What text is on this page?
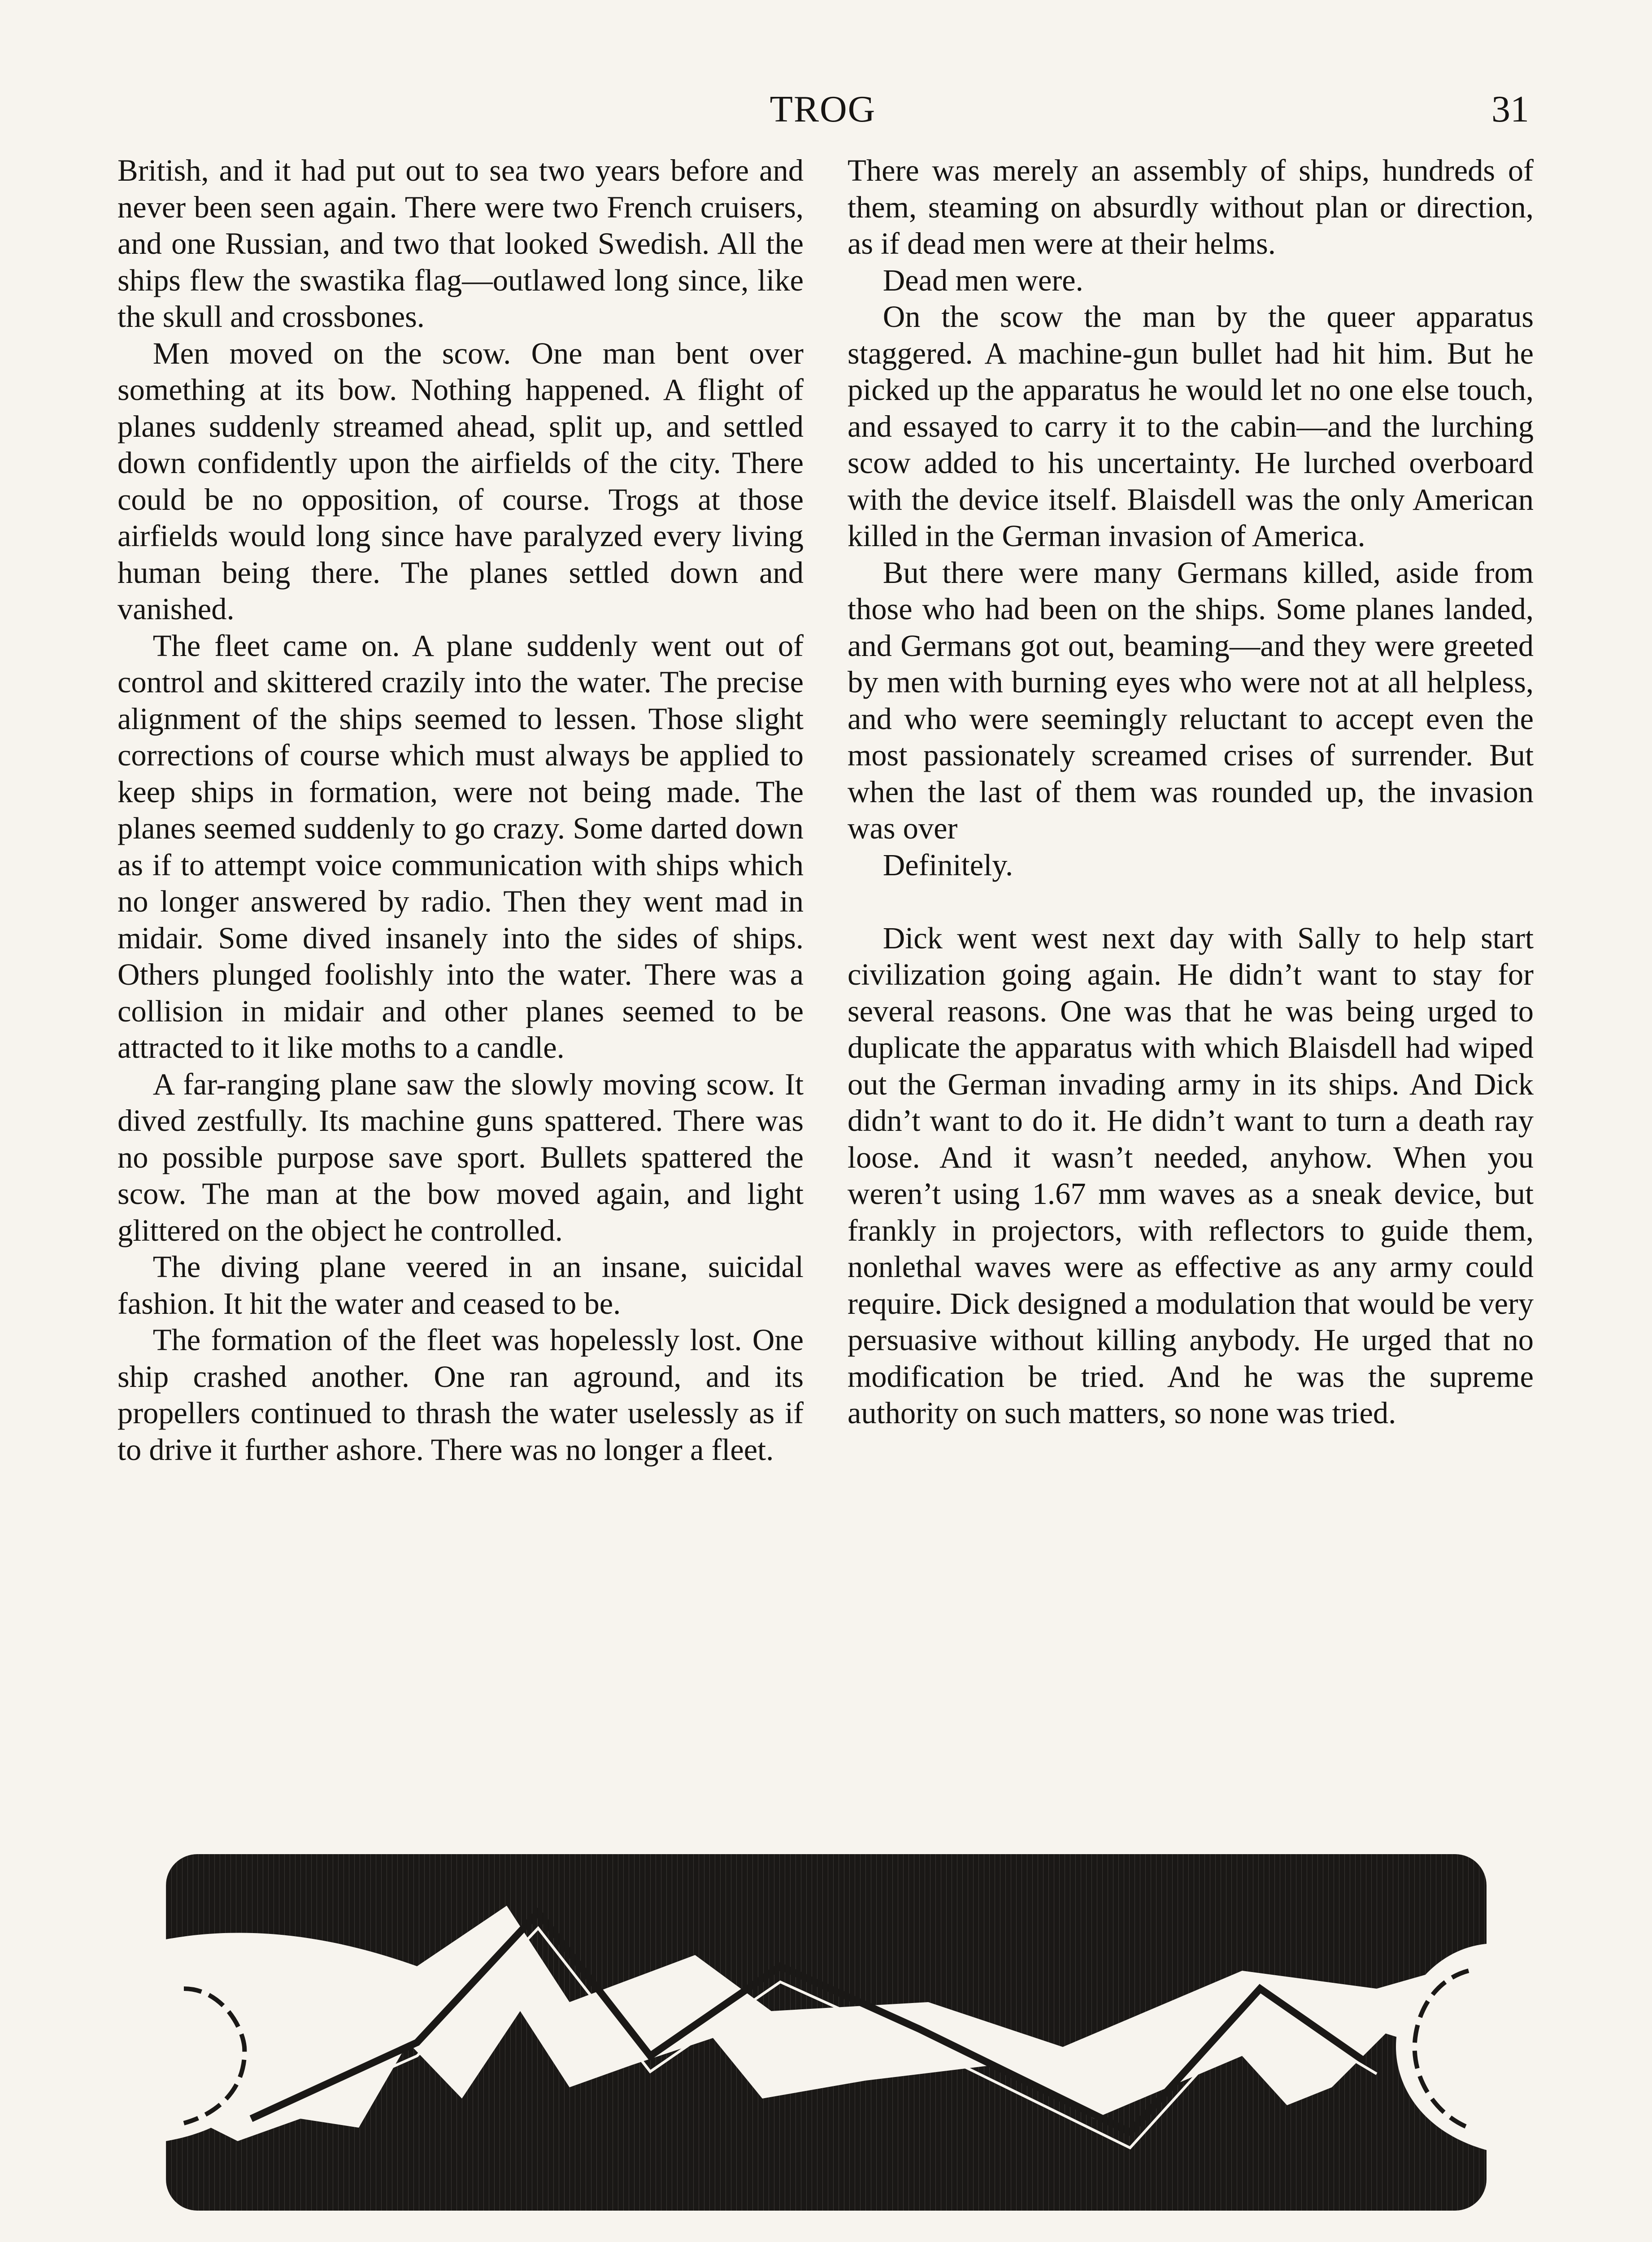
TROG	31

British, and it had put out to sea two years before and never been seen again. There were two French cruisers, and one Russian, and two that looked Swedish. All the ships flew the swastika flag—outlawed long since, like the skull and crossbones.

Men moved on the scow. One man bent over something at its bow. Nothing happened. A flight of planes suddenly streamed ahead, split up, and settled down confidently upon the airfields of the city. There could be no opposition, of course. Trogs at those airfields would long since have paralyzed every living human being there. The planes settled down and vanished.

The fleet came on. A plane suddenly went out of control and skittered crazily into the water. The precise alignment of the ships seemed to lessen. Those slight corrections of course which must always be applied to keep ships in formation, were not being made. The planes seemed suddenly to go crazy. Some darted down as if to attempt voice communication with ships which no longer answered by radio. Then they went mad in midair. Some dived insanely into the sides of ships. Others plunged foolishly into the water. There was a collision in midair and other planes seemed to be attracted to it like moths to a candle.

A far-ranging plane saw the slowly moving scow. It dived zestfully. Its machine guns spattered. There was no possible purpose save sport. Bullets spattered the scow. The man at the bow moved again, and light glittered on the object he controlled.

The diving plane veered in an insane, suicidal fashion. It hit the water and ceased to be.

The formation of the fleet was hopelessly lost. One ship crashed another. One ran aground, and its propellers continued to thrash the water uselessly as if to drive it further ashore. There was no longer a fleet.

There was merely an assembly of ships, hundreds of them, steaming on absurdly without plan or direction, as if dead men were at their helms.

Dead men were.

On the scow the man by the queer apparatus staggered. A machine-gun bullet had hit him. But he picked up the apparatus he would let no one else touch, and essayed to carry it to the cabin—and the lurching scow added to his uncertainty. He lurched overboard with the device itself. Blaisdell was the only American killed in the German invasion of America.

But there were many Germans killed, aside from those who had been on the ships. Some planes landed, and Germans got out, beaming—and they were greeted by men with burning eyes who were not at all helpless, and who were seemingly reluctant to accept even the most passionately screamed crises of surrender. But when the last of them was rounded up, the invasion was over

Definitely.

Dick went west next day with Sally to help start civilization going again. He didn’t want to stay for several reasons. One was that he was being urged to duplicate the apparatus with which Blaisdell had wiped out the German invading army in its ships. And Dick didn’t want to do it. He didn’t want to turn a death ray loose. And it wasn’t needed, anyhow. When you weren’t using 1.67 mm waves as a sneak device, but frankly in projectors, with reflectors to guide them, nonlethal waves were as effective as any army could require. Dick designed a modulation that would be very persuasive without killing anybody. He urged that no modification be tried. And he was the supreme authority on such matters, so none was tried.
